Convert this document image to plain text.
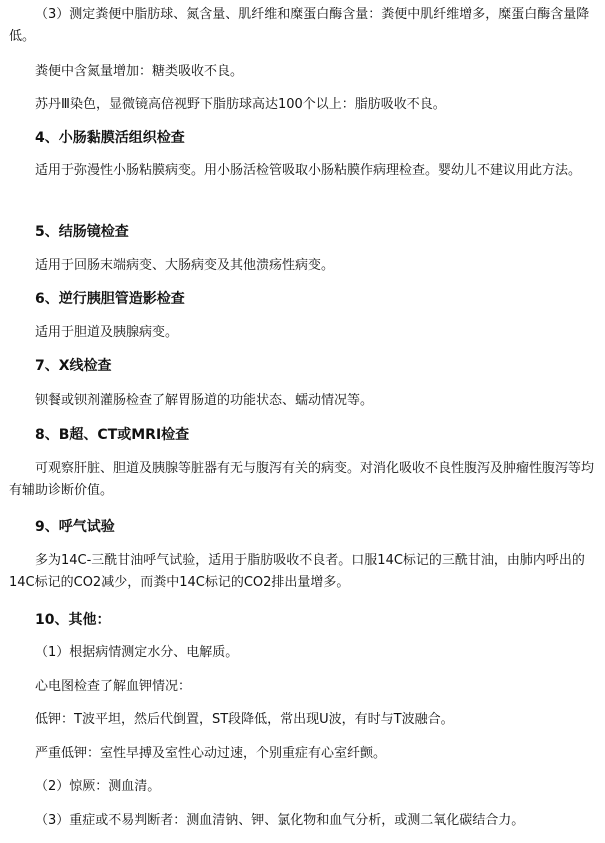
（3）测定粪便中脂肪球、氮含量、肌纤维和糜蛋白酶含量：粪便中肌纤维增多，糜蛋白酶含量降低。
粪便中含氮量增加：糖类吸收不良。
苏丹Ⅲ染色，显微镜高倍视野下脂肪球高达100个以上：脂肪吸收不良。
4、小肠黏膜活组织检查
适用于弥漫性小肠粘膜病变。用小肠活检管吸取小肠粘膜作病理检查。婴幼儿不建议用此方法。
5、结肠镜检查
适用于回肠末端病变、大肠病变及其他溃疡性病变。
6、逆行胰胆管造影检查
适用于胆道及胰腺病变。
7、X线检查
钡餐或钡剂灌肠检查了解胃肠道的功能状态、蠕动情况等。
8、B超、CT或MRI检查
可观察肝脏、胆道及胰腺等脏器有无与腹泻有关的病变。对消化吸收不良性腹泻及肿瘤性腹泻等均有辅助诊断价值。
9、呼气试验
多为14C-三酰甘油呼气试验，适用于脂肪吸收不良者。口服14C标记的三酰甘油，由肺内呼出的14C标记的CO2减少，而粪中14C标记的CO2排出量增多。
10、其他：
（1）根据病情测定水分、电解质。
心电图检查了解血钾情况：
低钾：T波平坦，然后代倒置，ST段降低，常出现U波，有时与T波融合。
严重低钾：室性早搏及室性心动过速，个别重症有心室纤颤。
（2）惊厥：测血清。
（3）重症或不易判断者：测血清钠、钾、氯化物和血气分析，或测二氧化碳结合力。
